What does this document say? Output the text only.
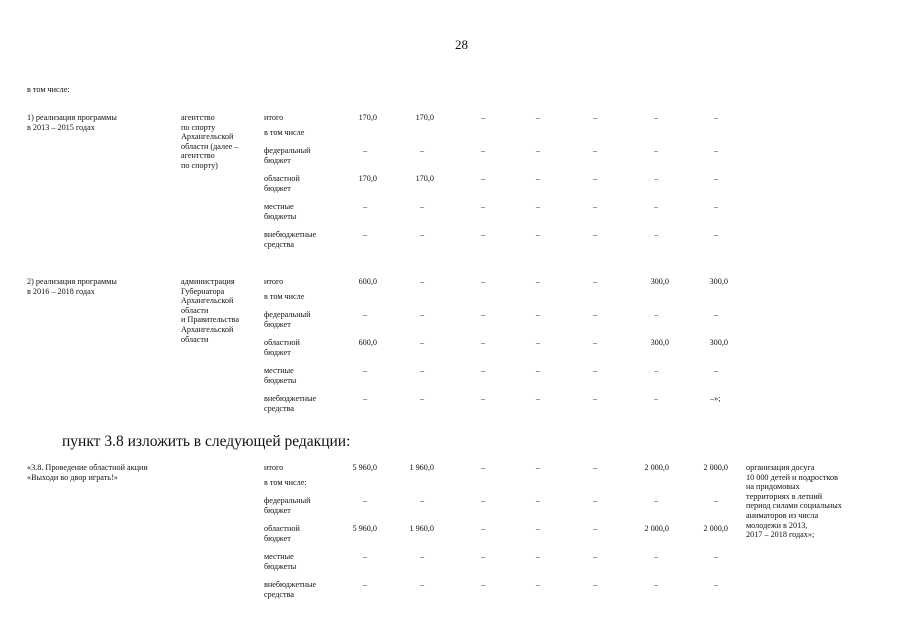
28
в том числе:
пункт 3.8 изложить в следующей редакции:
1) реализация программы
в 2013 – 2015 годах
агентство
по спорту
Архангельской
области (далее –
агентство
по спорту)
итого	170,0	170,0	–	–	–	–	–
в том числе
федеральный
бюджет
–	–	–	–	–	–	–
областной
бюджет
170,0	170,0	–	–	–	–	–
местные
бюджеты
–	–	–	–	–	–	–
внебюджетные
средства
–	–	–	–	–	–	–
2) реализация программы
в 2016 – 2018 годах
администрация
Губернатора
Архангельской
области
и Правительства
Архангельской
области
итого	600,0	–	–	–	–	300,0	300,0
в том числе
федеральный
бюджет
–	–	–	–	–	–	–
областной
бюджет
600,0	–	–	–	–	300,0	300,0
местные
бюджеты
–	–	–	–	–	–	–
внебюджетные
средства
–	–	–	–	–	–	–»;
«3.8. Проведение областной акции
«Выходи во двор играть!»
итого	5 960,0	1 960,0	–	–	–	2 000,0	2 000,0
в том числе:
федеральный
бюджет
–	–	–	–	–	–	–
областной
бюджет
5 960,0	1 960,0	–	–	–	2 000,0	2 000,0
местные
бюджеты
–	–	–	–	–	–	–
внебюджетные
средства
–	–	–	–	–	–	–
организация досуга
10 000 детей и подростков
на придомовых
территориях в летний
период силами социальных
аниматоров из числа
молодежи в 2013,
2017 – 2018 годах»;
